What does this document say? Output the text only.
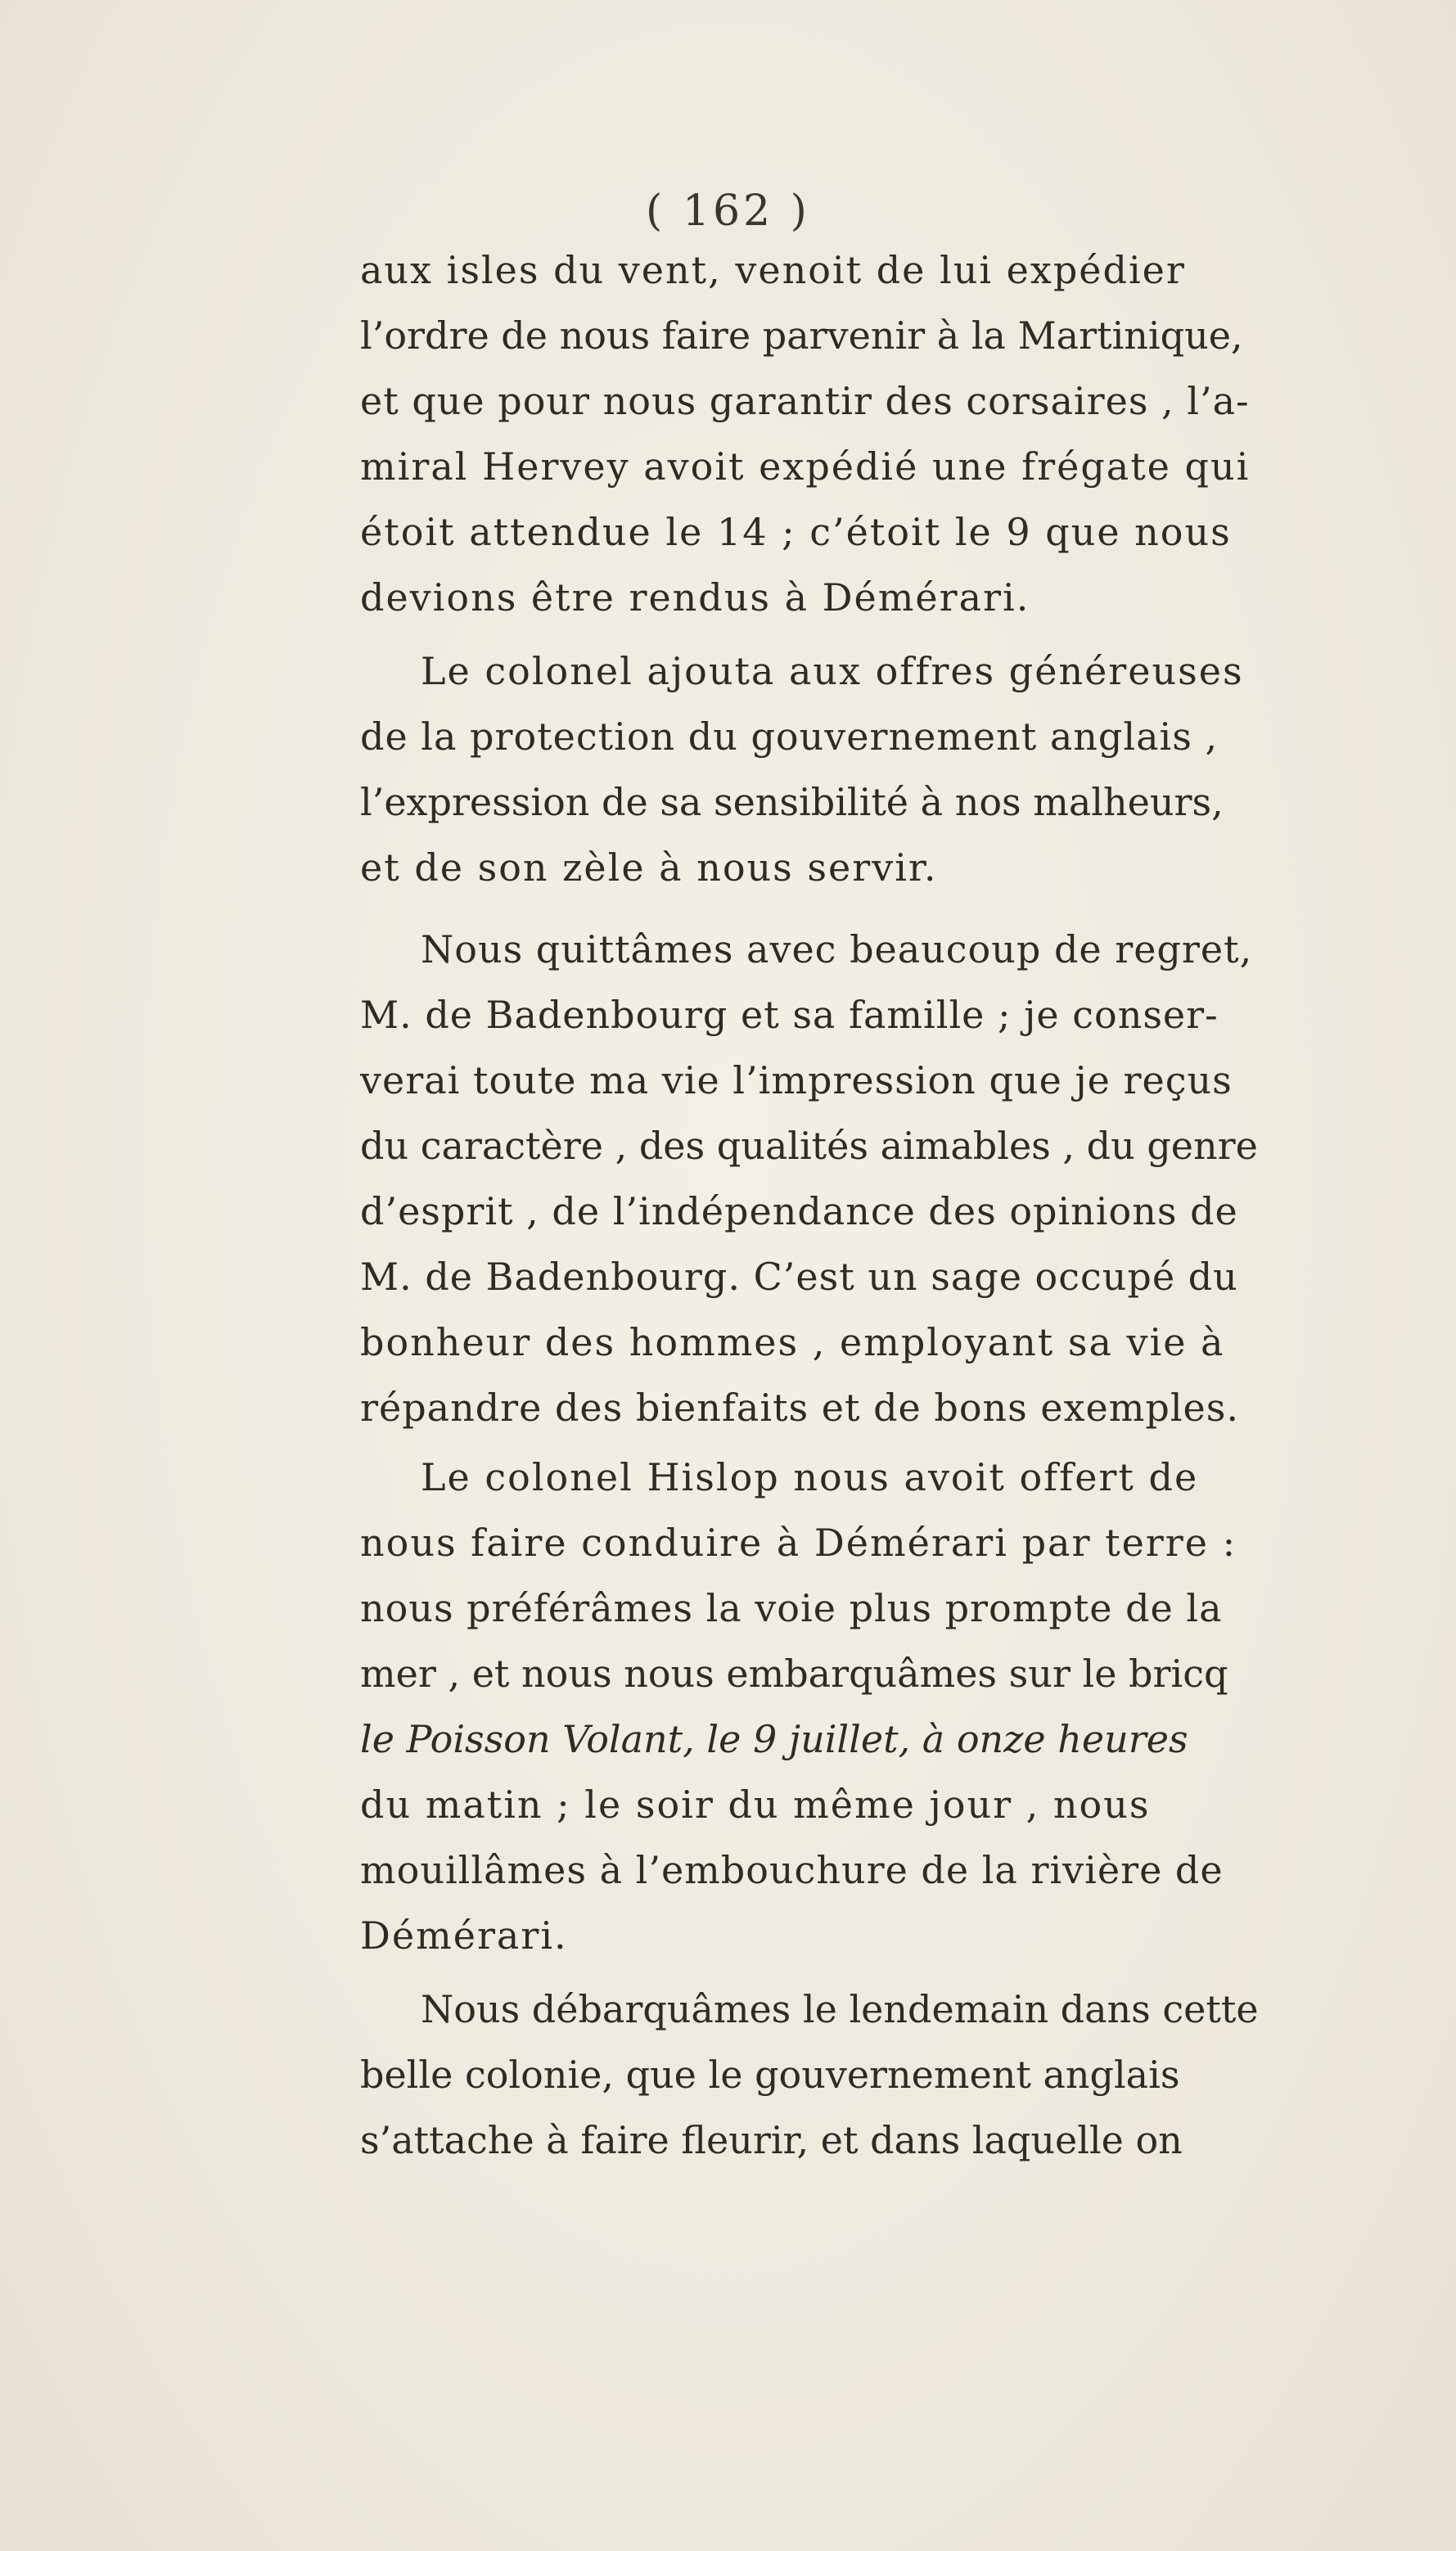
( 162 )
aux isles du vent, venoit de lui expédier
l’ordre de nous faire parvenir à la Martinique,
et que pour nous garantir des corsaires , l’a-
miral Hervey avoit expédié une frégate qui
étoit attendue le 14 ; c’étoit le 9 que nous
devions être rendus à Démérari.
Le colonel ajouta aux offres généreuses
de la protection du gouvernement anglais ,
l’expression de sa sensibilité à nos malheurs,
et de son zèle à nous servir.
Nous quittâmes avec beaucoup de regret,
M. de Badenbourg et sa famille ; je conser-
verai toute ma vie l’impression que je reçus
du caractère , des qualités aimables , du genre
d’esprit , de l’indépendance des opinions de
M. de Badenbourg. C’est un sage occupé du
bonheur des hommes , employant sa vie à
répandre des bienfaits et de bons exemples.
Le colonel Hislop nous avoit offert de
nous faire conduire à Démérari par terre :
nous préférâmes la voie plus prompte de la
mer , et nous nous embarquâmes sur le bricq
le Poisson Volant, le 9 juillet, à onze heures
du matin ; le soir du même jour , nous
mouillâmes à l’embouchure de la rivière de
Démérari.
Nous débarquâmes le lendemain dans cette
belle colonie, que le gouvernement anglais
s’attache à faire fleurir, et dans laquelle on
